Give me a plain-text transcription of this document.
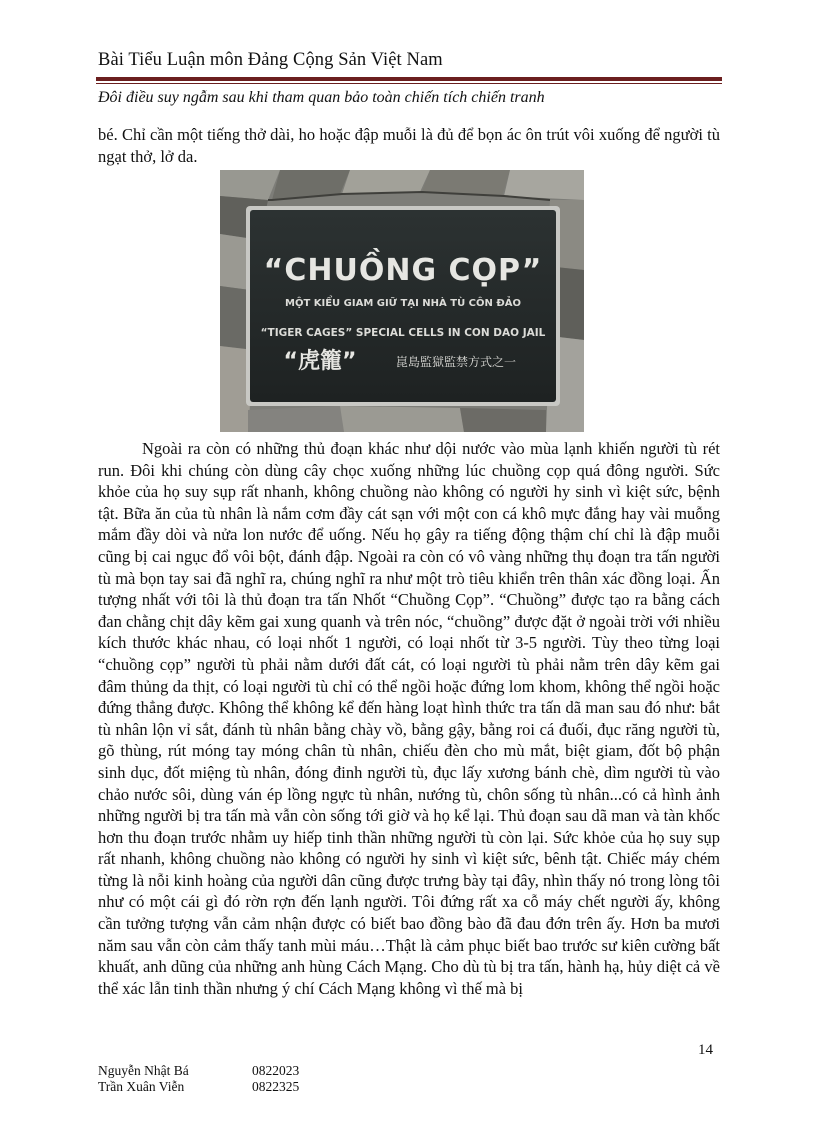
Bài Tiểu Luận môn Đảng Cộng Sản Việt Nam
Đôi điều suy ngẫm sau khi tham quan bảo toàn chiến tích chiến tranh
bé. Chỉ cần một tiếng thở dài, ho hoặc đập muỗi là đủ để bọn ác ôn trút vôi xuống để người tù ngạt thở, lở da.
“CHUỒNG CỌP”
MỘT KIỂU GIAM GIỮ TẠI NHÀ TÙ CÔN ĐẢO
“TIGER CAGES” SPECIAL CELLS IN CON DAO JAIL
“虎籠”	崑島監獄監禁方式之一
Ngoài ra còn có những thủ đoạn khác như dội nước vào mùa lạnh khiến người tù rét run. Đôi khi chúng còn dùng cây chọc xuống những lúc chuồng cọp quá đông người. Sức khỏe của họ suy sụp rất nhanh, không chuồng nào không có người hy sinh vì kiệt sức, bệnh tật. Bữa ăn của tù nhân là nắm cơm đầy cát sạn với một con cá khô mực đắng hay vài muỗng mắm đầy dòi và nửa lon nước để uống. Nếu họ gây ra tiếng động thậm chí chỉ là đập muỗi cũng bị cai ngục đổ vôi bột, đánh đập. Ngoài ra còn có vô vàng những thụ đoạn tra tấn người tù mà bọn tay sai đã nghĩ ra, chúng nghĩ ra như một trò tiêu khiển trên thân xác đồng loại. Ấn tượng nhất với tôi là thủ đoạn tra tấn Nhốt “Chuồng Cọp”. “Chuồng” được tạo ra bằng cách đan chằng chịt dây kẽm gai xung quanh và trên nóc, “chuồng” được đặt ở ngoài trời với nhiều kích thước khác nhau, có loại nhốt 1 người, có loại nhốt từ 3-5 người. Tùy theo từng loại “chuồng cọp” người tù phải nằm dưới đất cát, có loại người tù phải nằm trên dây kẽm gai đâm thủng da thịt, có loại người tù chỉ có thể ngồi hoặc đứng lom khom, không thể ngồi hoặc đứng thẳng được. Không thể không kể đến hàng loạt hình thức tra tấn dã man sau đó như: bắt tù nhân lộn vỉ sắt, đánh tù nhân bằng chày vồ, bằng gậy, bằng roi cá đuối, đục răng người tù, gõ thùng, rút móng tay móng chân tù nhân, chiếu đèn cho mù mắt, biệt giam, đốt bộ phận sinh dục, đốt miệng tù nhân, đóng đinh người tù, đục lấy xương bánh chè, dìm người tù vào chảo nước sôi, dùng ván ép lồng ngực tù nhân, nướng tù, chôn sống tù nhân...có cả hình ảnh những người bị tra tấn mà vẫn còn sống tới giờ và họ kể lại. Thủ đoạn sau dã man và tàn khốc hơn thu đoạn trước nhằm uy hiếp tinh thần những người tù còn lại. Sức khỏe của họ suy sụp rất nhanh, không chuồng nào không có người hy sinh vì kiệt sức, bênh tật. Chiếc máy chém từng là nỗi kinh hoàng của người dân cũng được trưng bày tại đây, nhìn thấy nó trong lòng tôi như có một cái gì đó rờn rợn đến lạnh người. Tôi đứng rất xa cỗ máy chết người ấy, không cần tưởng tượng vẫn cảm nhận được có biết bao đồng bào đã đau đớn trên ấy. Hơn ba mươi năm sau vẫn còn cảm thấy tanh mùi máu…Thật là cảm phục biết bao trước sư kiên cường bất khuất, anh dũng của những anh hùng Cách Mạng. Cho dù tù bị tra tấn, hành hạ, hủy diệt cả về thể xác lẫn tinh thần nhưng ý chí Cách Mạng không vì thế mà bị
14
Nguyễn Nhật Bá	0822023
Trần Xuân Viễn	0822325
